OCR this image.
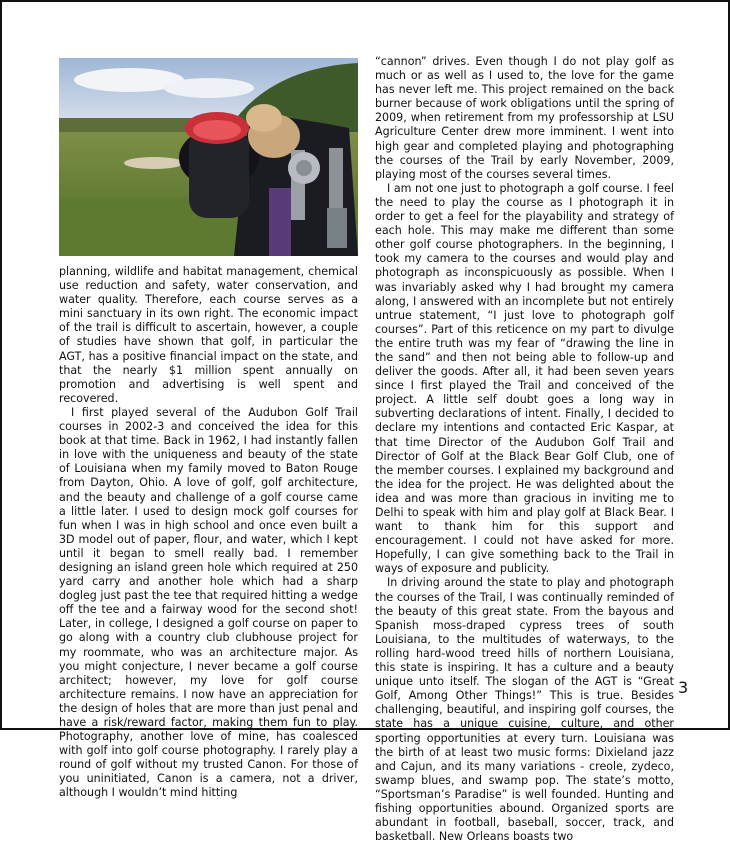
planning, wildlife and habitat management, chemical use reduction and safety, water conservation, and water quality. Therefore, each course serves as a mini sanctuary in its own right. The economic impact of the trail is difficult to ascertain, however, a couple of studies have shown that golf, in particular the AGT, has a positive financial impact on the state, and that the nearly $1 million spent annually on promotion and advertising is well spent and recovered.

I first played several of the Audubon Golf Trail courses in 2002-3 and conceived the idea for this book at that time. Back in 1962, I had instantly fallen in love with the uniqueness and beauty of the state of Louisiana when my family moved to Baton Rouge from Dayton, Ohio. A love of golf, golf architecture, and the beauty and challenge of a golf course came a little later. I used to design mock golf courses for fun when I was in high school and once even built a 3D model out of paper, flour, and water, which I kept until it began to smell really bad. I remember designing an island green hole which required at 250 yard carry and another hole which had a sharp dogleg just past the tee that required hitting a wedge off the tee and a fairway wood for the second shot! Later, in college, I designed a golf course on paper to go along with a country club clubhouse project for my roommate, who was an architecture major. As you might conjecture, I never became a golf course architect; however, my love for golf course architecture remains. I now have an appreciation for the design of holes that are more than just penal and have a risk/reward factor, making them fun to play. Photography, another love of mine, has coalesced with golf into golf course photography. I rarely play a round of golf without my trusted Canon. For those of you uninitiated, Canon is a camera, not a driver, although I wouldn’t mind hitting

“cannon” drives. Even though I do not play golf as much or as well as I used to, the love for the game has never left me. This project remained on the back burner because of work obligations until the spring of 2009, when retirement from my professorship at LSU Agriculture Center drew more imminent. I went into high gear and completed playing and photographing the courses of the Trail by early November, 2009, playing most of the courses several times.

I am not one just to photograph a golf course. I feel the need to play the course as I photograph it in order to get a feel for the playability and strategy of each hole. This may make me different than some other golf course photographers. In the beginning, I took my camera to the courses and would play and photograph as inconspicuously as possible. When I was invariably asked why I had brought my camera along, I answered with an incomplete but not entirely untrue statement, “I just love to photograph golf courses”. Part of this reticence on my part to divulge the entire truth was my fear of “drawing the line in the sand” and then not being able to follow-up and deliver the goods. After all, it had been seven years since I first played the Trail and conceived of the project. A little self doubt goes a long way in subverting declarations of intent. Finally, I decided to declare my intentions and contacted Eric Kaspar, at that time Director of the Audubon Golf Trail and Director of Golf at the Black Bear Golf Club, one of the member courses. I explained my background and the idea for the project. He was delighted about the idea and was more than gracious in inviting me to Delhi to speak with him and play golf at Black Bear. I want to thank him for this support and encouragement. I could not have asked for more. Hopefully, I can give something back to the Trail in ways of exposure and publicity.

In driving around the state to play and photograph the courses of the Trail, I was continually reminded of the beauty of this great state. From the bayous and Spanish moss-draped cypress trees of south Louisiana, to the multitudes of waterways, to the rolling hard-wood treed hills of northern Louisiana, this state is inspiring. It has a culture and a beauty unique unto itself. The slogan of the AGT is “Great Golf, Among Other Things!” This is true. Besides challenging, beautiful, and inspiring golf courses, the state has a unique cuisine, culture, and other sporting opportunities at every turn. Louisiana was the birth of at least two music forms: Dixieland jazz and Cajun, and its many variations - creole, zydeco, swamp blues, and swamp pop. The state’s motto, “Sportsman’s Paradise” is well founded. Hunting and fishing opportunities abound. Organized sports are abundant in football, baseball, soccer, track, and basketball. New Orleans boasts two

3
